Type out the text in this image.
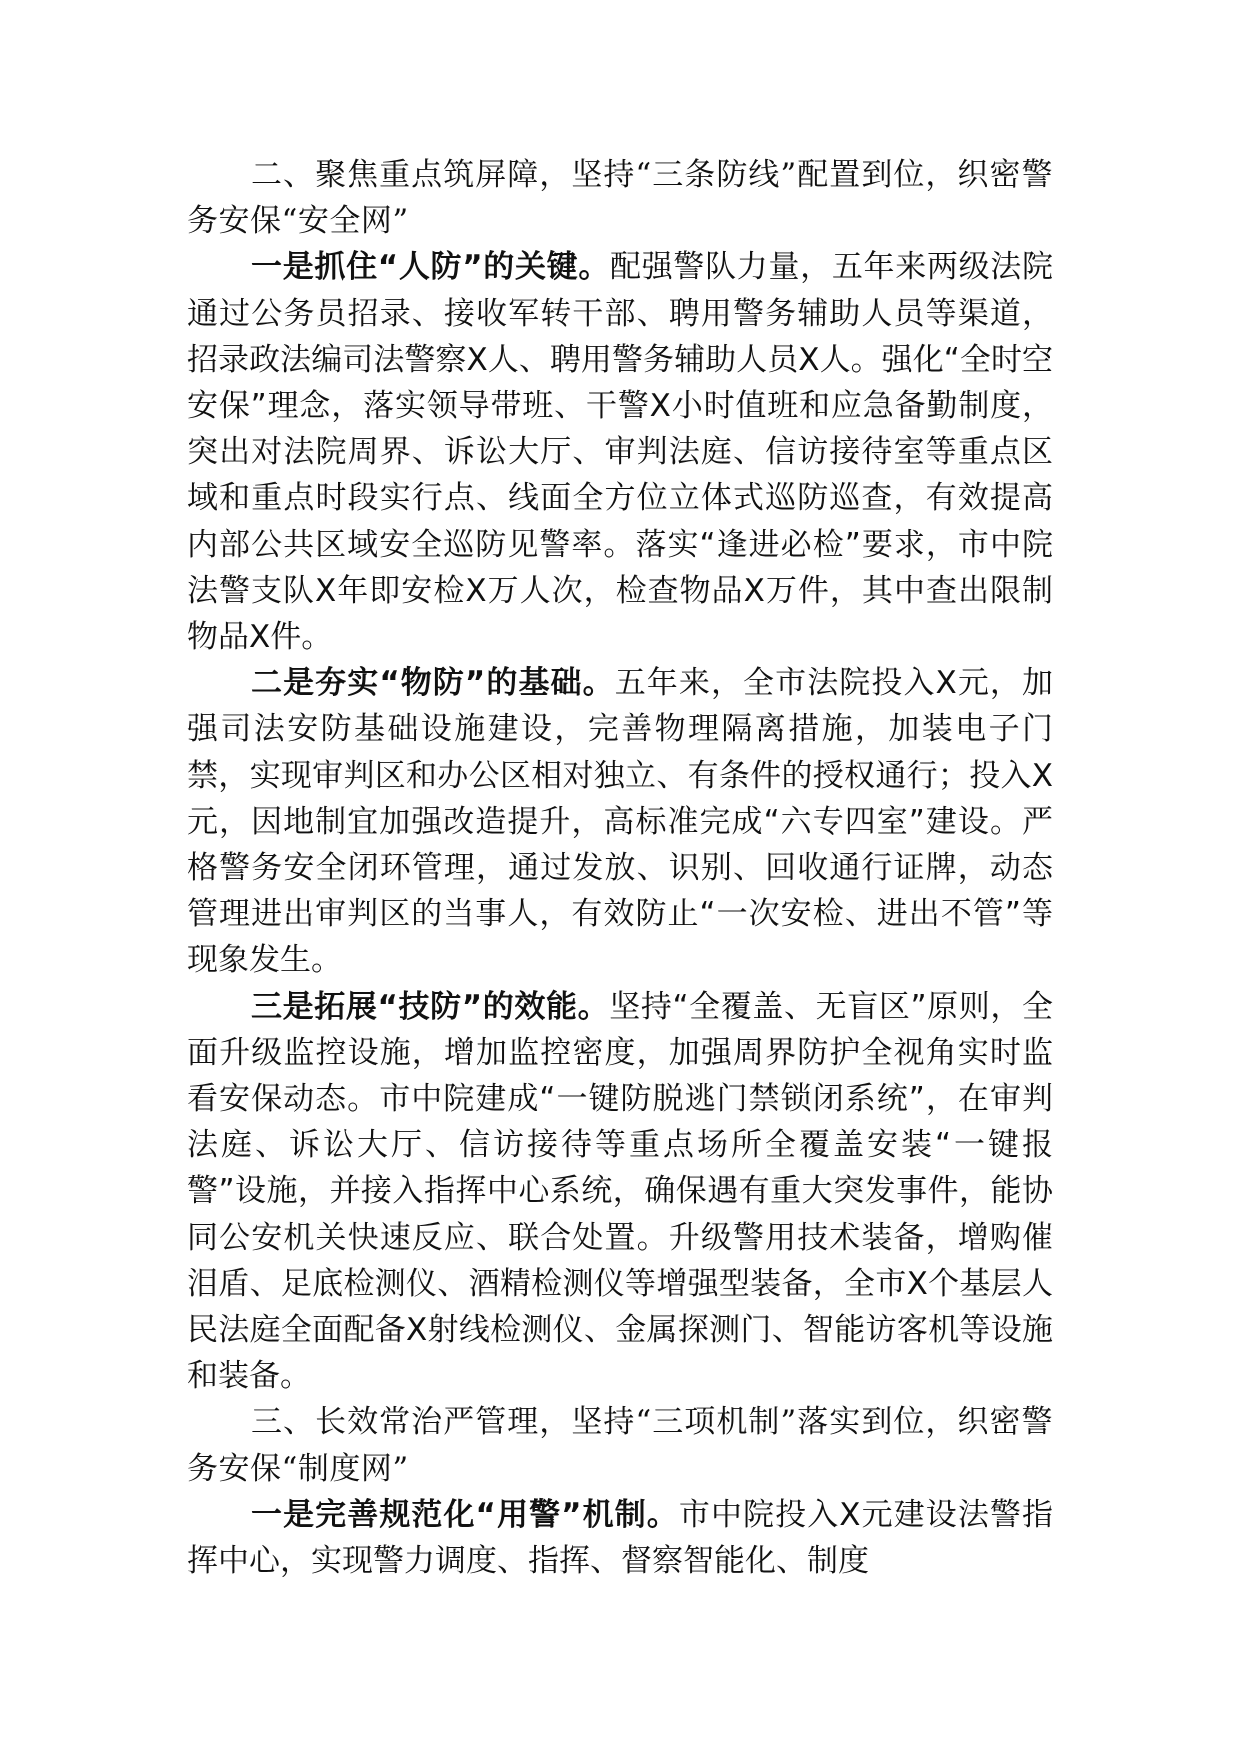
二、聚焦重点筑屏障，坚持“三条防线”配置到位，织密警务安保“安全网”

一是抓住“人防”的关键。配强警队力量，五年来两级法院通过公务员招录、接收军转干部、聘用警务辅助人员等渠道，招录政法编司法警察X人、聘用警务辅助人员X人。强化“全时空安保”理念，落实领导带班、干警X小时值班和应急备勤制度，突出对法院周界、诉讼大厅、审判法庭、信访接待室等重点区域和重点时段实行点、线面全方位立体式巡防巡查，有效提高内部公共区域安全巡防见警率。落实“逢进必检”要求，市中院法警支队X年即安检X万人次，检查物品X万件，其中查出限制物品X件。

二是夯实“物防”的基础。五年来，全市法院投入X元，加强司法安防基础设施建设，完善物理隔离措施，加装电子门禁，实现审判区和办公区相对独立、有条件的授权通行；投入X元，因地制宜加强改造提升，高标准完成“六专四室”建设。严格警务安全闭环管理，通过发放、识别、回收通行证牌，动态管理进出审判区的当事人，有效防止“一次安检、进出不管”等现象发生。

三是拓展“技防”的效能。坚持“全覆盖、无盲区”原则，全面升级监控设施，增加监控密度，加强周界防护全视角实时监看安保动态。市中院建成“一键防脱逃门禁锁闭系统”，在审判法庭、诉讼大厅、信访接待等重点场所全覆盖安装“一键报警”设施，并接入指挥中心系统，确保遇有重大突发事件，能协同公安机关快速反应、联合处置。升级警用技术装备，增购催泪盾、足底检测仪、酒精检测仪等增强型装备，全市X个基层人民法庭全面配备X射线检测仪、金属探测门、智能访客机等设施和装备。

三、长效常治严管理，坚持“三项机制”落实到位，织密警务安保“制度网”

一是完善规范化“用警”机制。市中院投入X元建设法警指挥中心，实现警力调度、指挥、督察智能化、制度
